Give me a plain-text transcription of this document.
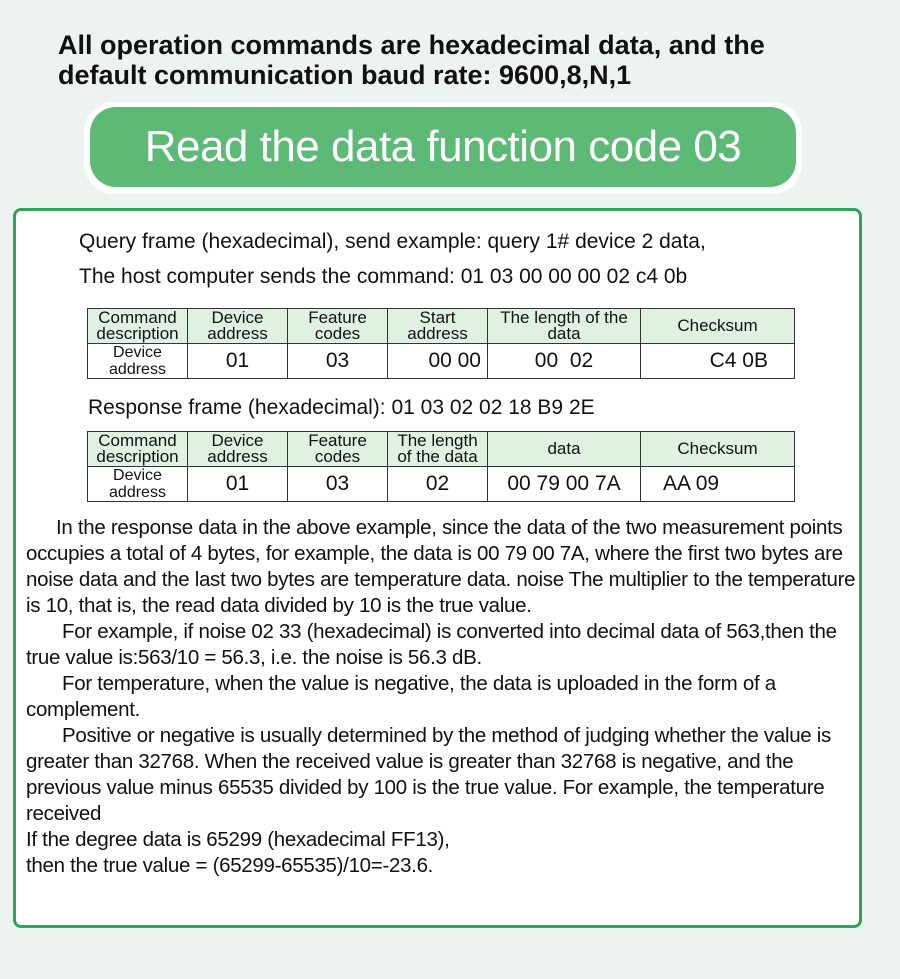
All operation commands are hexadecimal data, and the
default communication baud rate: 9600,8,N,1
Read the data function code 03
Query frame (hexadecimal), send example: query 1# device 2 data,
The host computer sends the command: 01 03 00 00 00 02 c4 0b
Command description	Device address	Feature codes	Start address	The length of the data	Checksum
Device address	01	03	00 00	00  02	C4 0B
Response frame (hexadecimal): 01 03 02 02 18 B9 2E
Command description	Device address	Feature codes	The length of the data	data	Checksum
Device address	01	03	02	00 79 00 7A	AA 09

In the response data in the above example, since the data of the two measurement points occupies a total of 4 bytes, for example, the data is 00 79 00 7A, where the first two bytes are noise data and the last two bytes are temperature data. noise The multiplier to the temperature is 10, that is, the read data divided by 10 is the true value.

For example, if noise 02 33 (hexadecimal) is converted into decimal data of 563,then the true value is:563/10 = 56.3, i.e. the noise is 56.3 dB.

For temperature, when the value is negative, the data is uploaded in the form of a complement.

Positive or negative is usually determined by the method of judging whether the value is greater than 32768. When the received value is greater than 32768 is negative, and the previous value minus 65535 divided by 100 is the true value. For example, the temperature received

If the degree data is 65299 (hexadecimal FF13),

then the true value = (65299-65535)/10=-23.6.
